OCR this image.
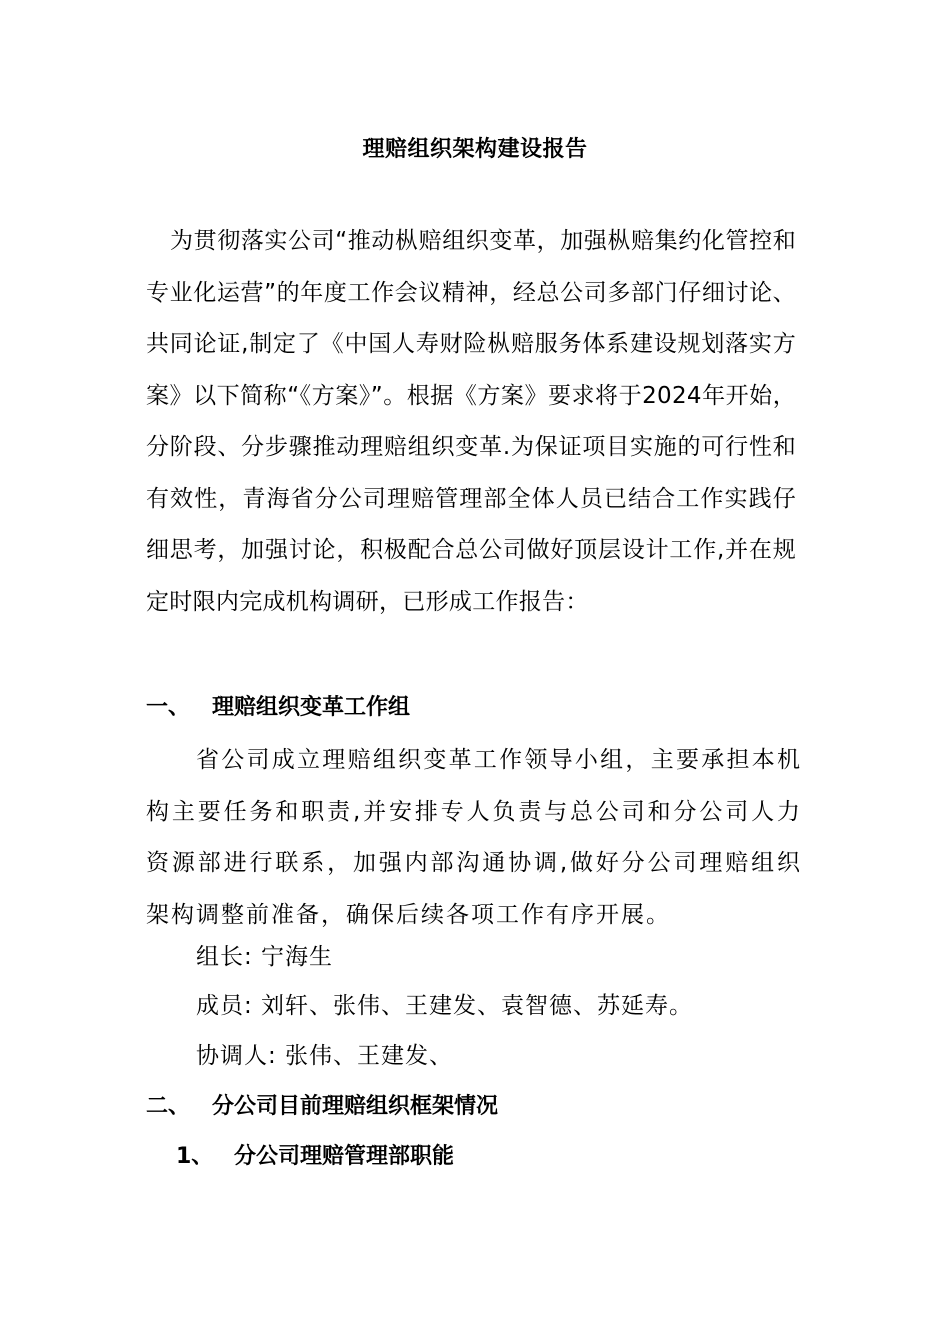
理赔组织架构建设报告

为贯彻落实公司“推动枞赔组织变革，加强枞赔集约化管控和专业化运营”的年度工作会议精神，经总公司多部门仔细讨论、共同论证,制定了《中国人寿财险枞赔服务体系建设规划落实方案》以下简称“《方案》”。根据《方案》要求将于2024年开始，分阶段、分步骤推动理赔组织变革.为保证项目实施的可行性和有效性，青海省分公司理赔管理部全体人员已结合工作实践仔细思考，加强讨论，积极配合总公司做好顶层设计工作,并在规定时限内完成机构调研，已形成工作报告：

一、 理赔组织变革工作组

省公司成立理赔组织变革工作领导小组，主要承担本机构主要任务和职责,并安排专人负责与总公司和分公司人力资源部进行联系，加强内部沟通协调,做好分公司理赔组织架构调整前准备，确保后续各项工作有序开展。

组长: 宁海生
成员: 刘轩、张伟、王建发、袁智德、苏延寿。
协调人: 张伟、王建发、
二、 分公司目前理赔组织框架情况
1、 分公司理赔管理部职能
